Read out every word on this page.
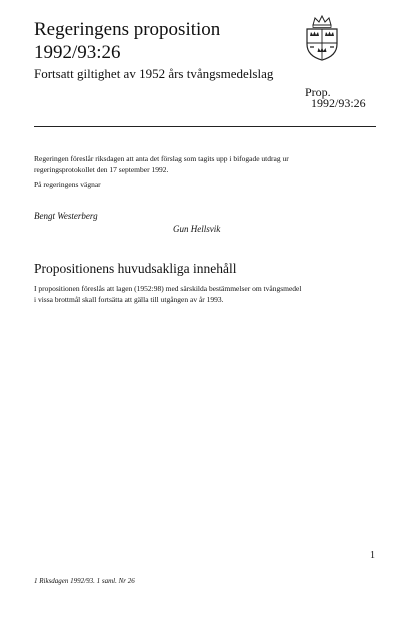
Regeringens proposition
1992/93:26
Fortsatt giltighet av 1952 års tvångsmedelslag
Prop.
1992/93:26
Regeringen föreslår riksdagen att anta det förslag som tagits upp i bifogade utdrag ur regeringsprotokollet den 17 september 1992.
På regeringens vägnar
Bengt Westerberg
Gun Hellsvik
Propositionens huvudsakliga innehåll
I propositionen föreslås att lagen (1952:98) med särskilda bestämmelser om tvångsmedel i vissa brottmål skall fortsätta att gälla till utgången av år 1993.
1
1 Riksdagen 1992/93. 1 saml. Nr 26
